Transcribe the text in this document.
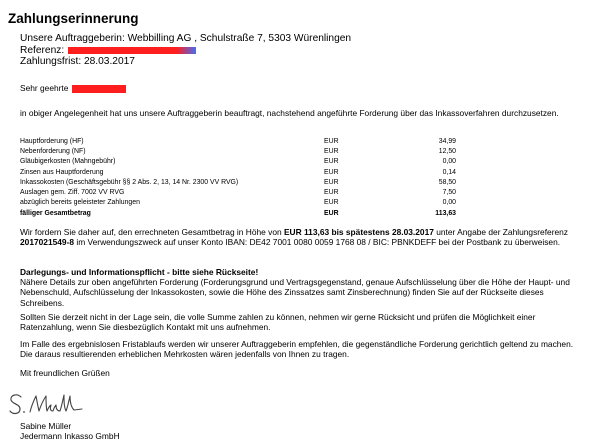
Zahlungserinnerung
Unsere Auftraggeberin: Webbilling AG , Schulstraße 7, 5303 Würenlingen
Referenz:
Zahlungsfrist: 28.03.2017
Sehr geehrte
in obiger Angelegenheit hat uns unsere Auftraggeberin beauftragt, nachstehend angeführte Forderung über das Inkassoverfahren durchzusetzen.
Hauptforderung (HF)	EUR	34,99
Nebenforderung (NF)	EUR	12,50
Gläubigerkosten (Mahngebühr)	EUR	0,00
Zinsen aus Hauptforderung	EUR	0,14
Inkassokosten (Geschäftsgebühr §§ 2 Abs. 2, 13, 14 Nr. 2300 VV RVG)	EUR	58,50
Auslagen gem. Ziff. 7002 VV RVG	EUR	7,50
abzüglich bereits geleisteter Zahlungen	EUR	0,00
fälliger Gesamtbetrag	EUR	113,63
Wir fordern Sie daher auf, den errechneten Gesamtbetrag in Höhe von EUR 113,63 bis spätestens 28.03.2017 unter Angabe der Zahlungsreferenz 2017021549-8 im Verwendungszweck auf unser Konto IBAN: DE42 7001 0080 0059 1768 08 / BIC: PBNKDEFF bei der Postbank zu überweisen.
Darlegungs- und Informationspflicht - bitte siehe Rückseite!
Nähere Details zur oben angeführten Forderung (Forderungsgrund und Vertragsgegenstand, genaue Aufschlüsselung über die Höhe der Haupt- und Nebenschuld, Aufschlüsselung der Inkassokosten, sowie die Höhe des Zinssatzes samt Zinsberechnung) finden Sie auf der Rückseite dieses Schreibens.
Sollten Sie derzeit nicht in der Lage sein, die volle Summe zahlen zu können, nehmen wir gerne Rücksicht und prüfen die Möglichkeit einer Ratenzahlung, wenn Sie diesbezüglich Kontakt mit uns aufnehmen.
Im Falle des ergebnislosen Fristablaufs werden wir unserer Auftraggeberin empfehlen, die gegenständliche Forderung gerichtlich geltend zu machen. Die daraus resultierenden erheblichen Mehrkosten wären jedenfalls von Ihnen zu tragen.
Mit freundlichen Grüßen
Sabine Müller
Jedermann Inkasso GmbH
